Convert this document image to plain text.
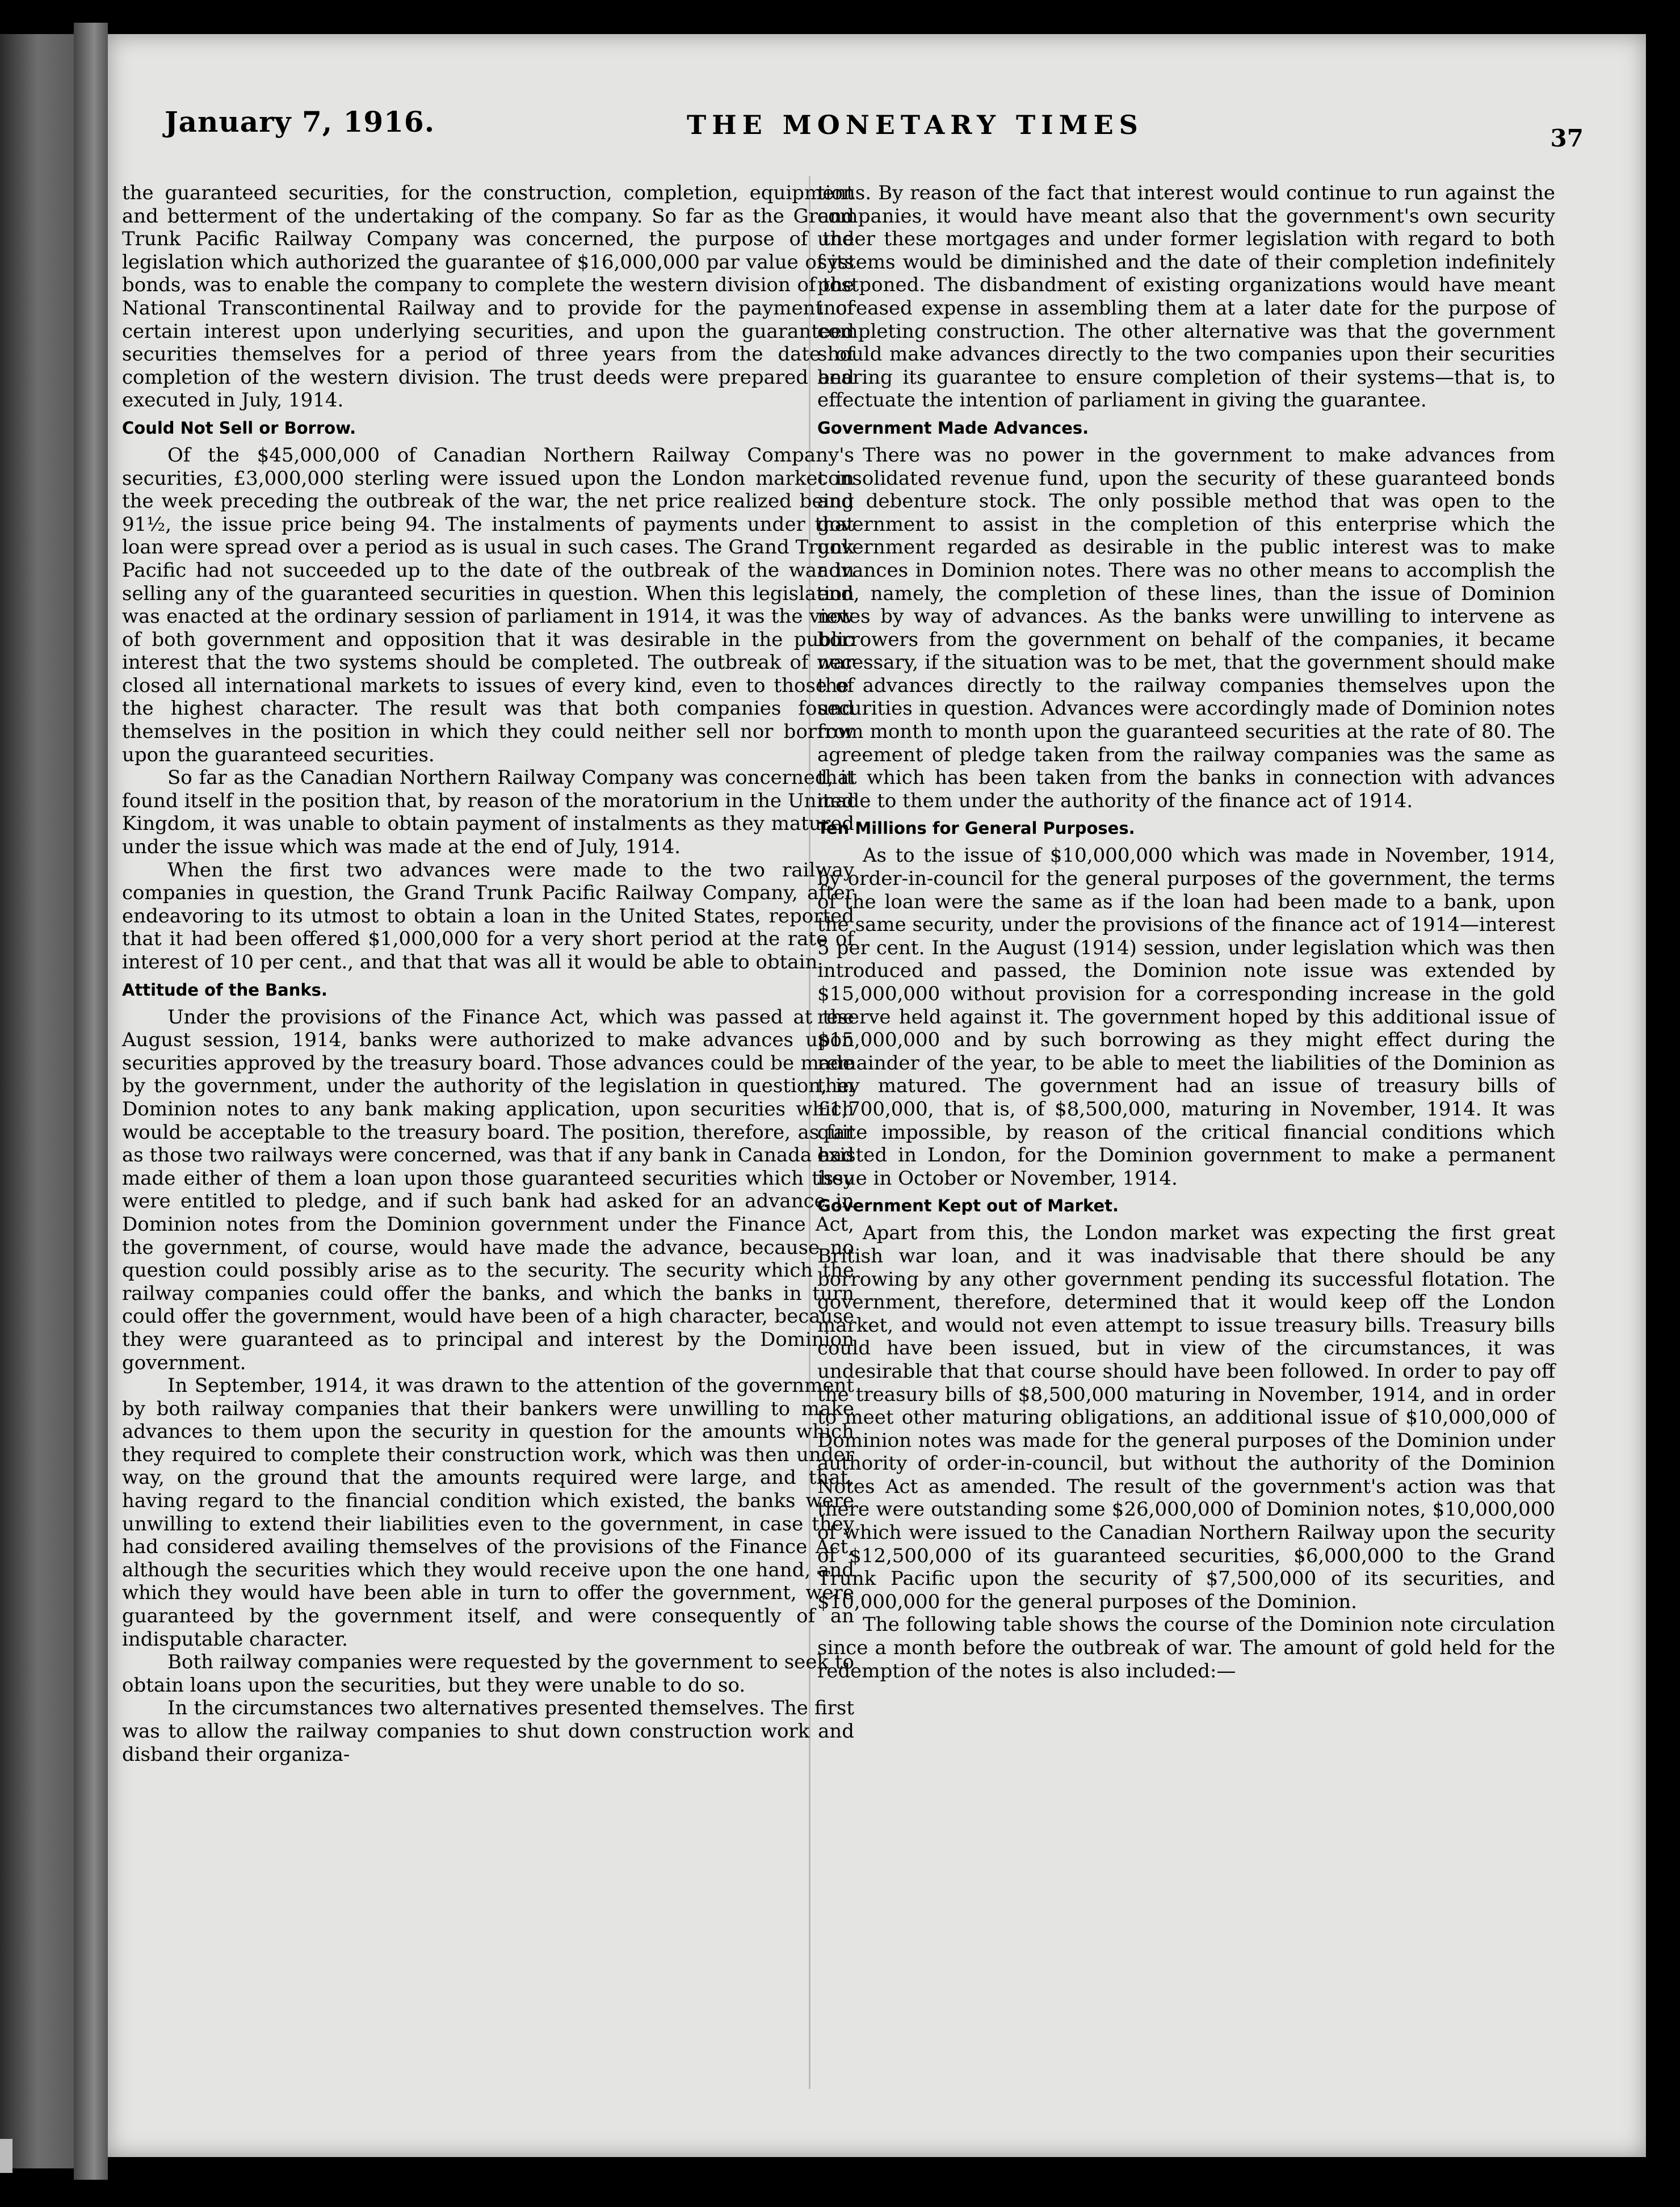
January 7, 1916.	THE MONETARY TIMES	37

the guaranteed securities, for the construction, completion, equipment and betterment of the undertaking of the company. So far as the Grand Trunk Pacific Railway Company was concerned, the purpose of the legislation which authorized the guarantee of $16,000,000 par value of its bonds, was to enable the company to complete the western division of the National Transcontinental Railway and to provide for the payment of certain interest upon underlying securities, and upon the guaranteed securities themselves for a period of three years from the date of completion of the western division. The trust deeds were prepared and executed in July, 1914.

Could Not Sell or Borrow.

Of the $45,000,000 of Canadian Northern Railway Company's securities, £3,000,000 sterling were issued upon the London market in the week preceding the outbreak of the war, the net price realized being 91½, the issue price being 94. The instalments of payments under that loan were spread over a period as is usual in such cases. The Grand Trunk Pacific had not succeeded up to the date of the outbreak of the war in selling any of the guaranteed securities in question. When this legislation was enacted at the ordinary session of parliament in 1914, it was the view of both government and opposition that it was desirable in the public interest that the two systems should be completed. The outbreak of war closed all international markets to issues of every kind, even to those of the highest character. The result was that both companies found themselves in the position in which they could neither sell nor borrow upon the guaranteed securities.

So far as the Canadian Northern Railway Company was concerned, it found itself in the position that, by reason of the moratorium in the United Kingdom, it was unable to obtain payment of instalments as they matured under the issue which was made at the end of July, 1914.

When the first two advances were made to the two railway companies in question, the Grand Trunk Pacific Railway Company, after endeavoring to its utmost to obtain a loan in the United States, reported that it had been offered $1,000,000 for a very short period at the rate of interest of 10 per cent., and that that was all it would be able to obtain.

Attitude of the Banks.

Under the provisions of the Finance Act, which was passed at the August session, 1914, banks were authorized to make advances upon securities approved by the treasury board. Those advances could be made by the government, under the authority of the legislation in question, in Dominion notes to any bank making application, upon securities which would be acceptable to the treasury board. The position, therefore, as far as those two railways were concerned, was that if any bank in Canada had made either of them a loan upon those guaranteed securities which they were entitled to pledge, and if such bank had asked for an advance in Dominion notes from the Dominion government under the Finance Act, the government, of course, would have made the advance, because no question could possibly arise as to the security. The security which the railway companies could offer the banks, and which the banks in turn could offer the government, would have been of a high character, because they were guaranteed as to principal and interest by the Dominion government.

In September, 1914, it was drawn to the attention of the government by both railway companies that their bankers were unwilling to make advances to them upon the security in question for the amounts which they required to complete their construction work, which was then under way, on the ground that the amounts required were large, and that, having regard to the financial condition which existed, the banks were unwilling to extend their liabilities even to the government, in case they had considered availing themselves of the provisions of the Finance Act, although the securities which they would receive upon the one hand, and which they would have been able in turn to offer the government, were guaranteed by the government itself, and were consequently of an indisputable character.

Both railway companies were requested by the government to seek to obtain loans upon the securities, but they were unable to do so.

In the circumstances two alternatives presented themselves. The first was to allow the railway companies to shut down construction work and disband their organiza-

tions. By reason of the fact that interest would continue to run against the companies, it would have meant also that the government's own security under these mortgages and under former legislation with regard to both systems would be diminished and the date of their completion indefinitely postponed. The disbandment of existing organizations would have meant increased expense in assembling them at a later date for the purpose of completing construction. The other alternative was that the government should make advances directly to the two companies upon their securities bearing its guarantee to ensure completion of their systems—that is, to effectuate the intention of parliament in giving the guarantee.

Government Made Advances.

There was no power in the government to make advances from consolidated revenue fund, upon the security of these guaranteed bonds and debenture stock. The only possible method that was open to the government to assist in the completion of this enterprise which the government regarded as desirable in the public interest was to make advances in Dominion notes. There was no other means to accomplish the end, namely, the completion of these lines, than the issue of Dominion notes by way of advances. As the banks were unwilling to intervene as borrowers from the government on behalf of the companies, it became necessary, if the situation was to be met, that the government should make the advances directly to the railway companies themselves upon the securities in question. Advances were accordingly made of Dominion notes from month to month upon the guaranteed securities at the rate of 80. The agreement of pledge taken from the railway companies was the same as that which has been taken from the banks in connection with advances made to them under the authority of the finance act of 1914.

Ten Millions for General Purposes.

As to the issue of $10,000,000 which was made in November, 1914, by order-in-council for the general purposes of the government, the terms of the loan were the same as if the loan had been made to a bank, upon the same security, under the provisions of the finance act of 1914—interest 5 per cent. In the August (1914) session, under legislation which was then introduced and passed, the Dominion note issue was extended by $15,000,000 without provision for a corresponding increase in the gold reserve held against it. The government hoped by this additional issue of $15,000,000 and by such borrowing as they might effect during the remainder of the year, to be able to meet the liabilities of the Dominion as they matured. The government had an issue of treasury bills of £1,700,000, that is, of $8,500,000, maturing in November, 1914. It was quite impossible, by reason of the critical financial conditions which existed in London, for the Dominion government to make a permanent issue in October or November, 1914.

Government Kept out of Market.

Apart from this, the London market was expecting the first great British war loan, and it was inadvisable that there should be any borrowing by any other government pending its successful flotation. The government, therefore, determined that it would keep off the London market, and would not even attempt to issue treasury bills. Treasury bills could have been issued, but in view of the circumstances, it was undesirable that that course should have been followed. In order to pay off the treasury bills of $8,500,000 maturing in November, 1914, and in order to meet other maturing obligations, an additional issue of $10,000,000 of Dominion notes was made for the general purposes of the Dominion under authority of order-in-council, but without the authority of the Dominion Notes Act as amended. The result of the government's action was that there were outstanding some $26,000,000 of Dominion notes, $10,000,000 of which were issued to the Canadian Northern Railway upon the security of $12,500,000 of its guaranteed securities, $6,000,000 to the Grand Trunk Pacific upon the security of $7,500,000 of its securities, and $10,000,000 for the general purposes of the Dominion.

The following table shows the course of the Dominion note circulation since a month before the outbreak of war. The amount of gold held for the redemption of the notes is also included:—
